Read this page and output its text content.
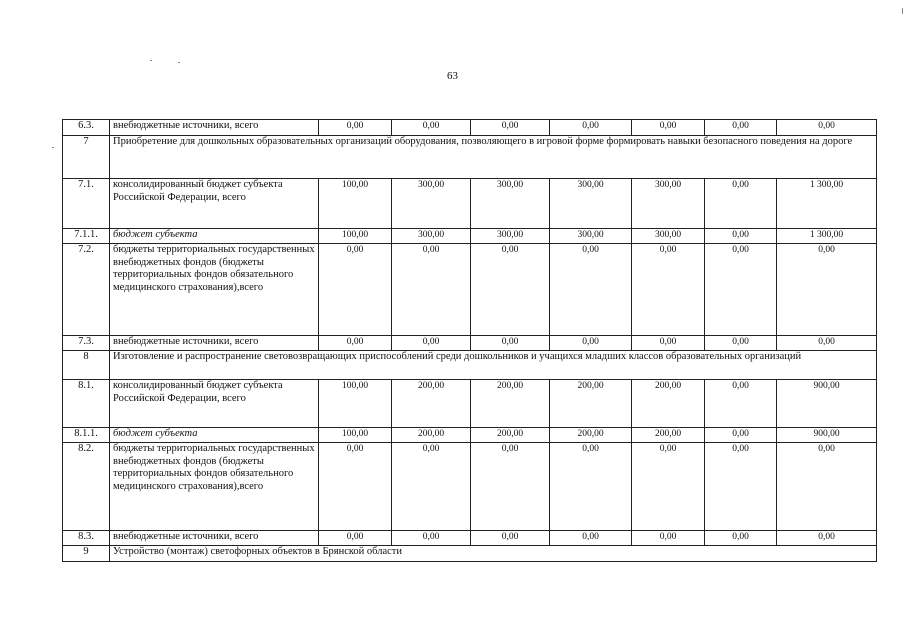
63
6.3.	внебюджетные источники, всего	0,00	0,00	0,00	0,00	0,00	0,00	0,00
7	Приобретение для дошкольных образовательных организаций оборудования, позволяющего в игровой форме формировать навыки безопасного поведения на дороге							
7.1.	консолидированный бюджет субъекта Российской Федерации, всего	100,00	300,00	300,00	300,00	300,00	0,00	1 300,00
7.1.1.	бюджет субъекта	100,00	300,00	300,00	300,00	300,00	0,00	1 300,00
7.2.	бюджеты территориальных государственных внебюджетных фондов (бюджеты территориальных фондов обязательного медицинского страхования),всего	0,00	0,00	0,00	0,00	0,00	0,00	0,00
7.3.	внебюджетные источники, всего	0,00	0,00	0,00	0,00	0,00	0,00	0,00
8	Изготовление и распространение световозвращающих приспособлений среди дошкольников и учащихся младших классов образовательных организаций							
8.1.	консолидированный бюджет субъекта Российской Федерации, всего	100,00	200,00	200,00	200,00	200,00	0,00	900,00
8.1.1.	бюджет субъекта	100,00	200,00	200,00	200,00	200,00	0,00	900,00
8.2.	бюджеты территориальных государственных внебюджетных фондов (бюджеты территориальных фондов обязательного медицинского страхования),всего	0,00	0,00	0,00	0,00	0,00	0,00	0,00
8.3.	внебюджетные источники, всего	0,00	0,00	0,00	0,00	0,00	0,00	0,00
9	Устройство (монтаж) светофорных объектов в Брянской области							
